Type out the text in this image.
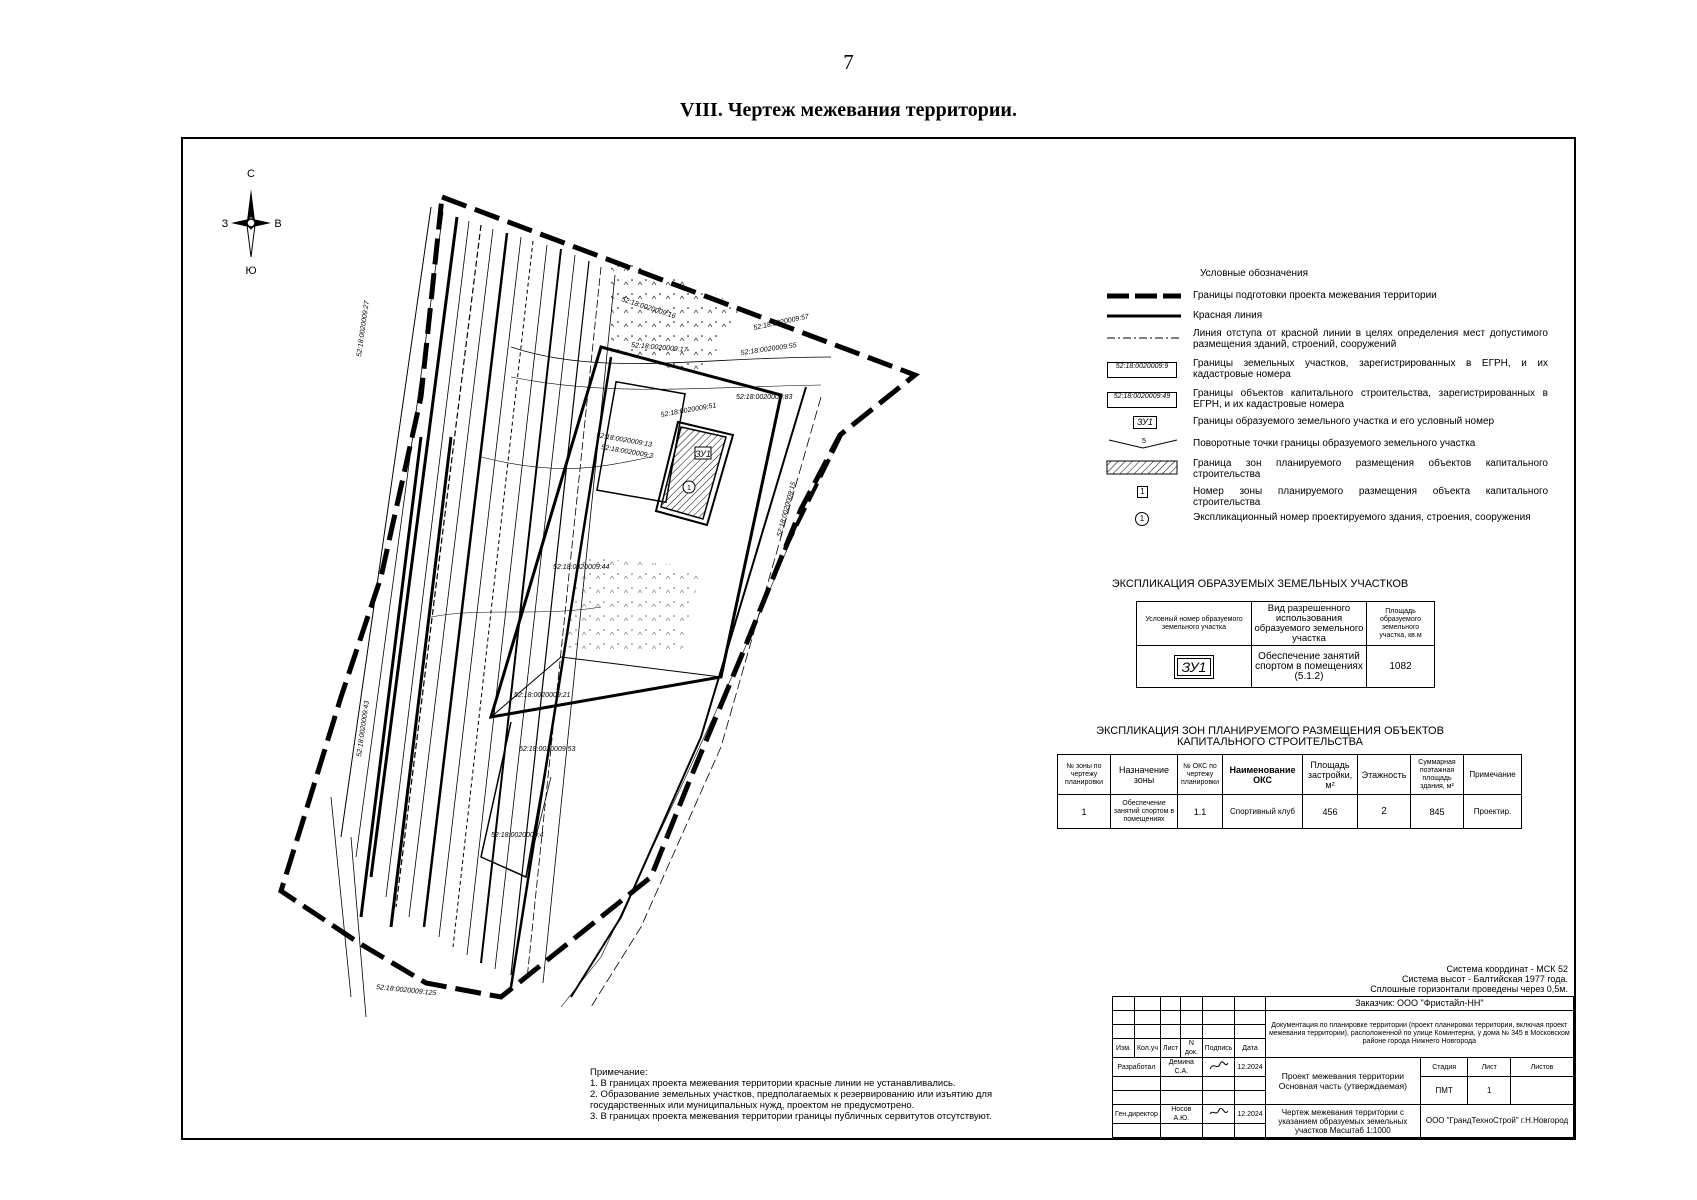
7
VIII. Чертеж межевания территории.
С
Ю
З	В
ЗУ1
1
52:18:0020009:16
52:18:0020009:57
52:18:0020009:17	52:18:0020009:55
52:18:0020009:83
52:18:0020009:51
52:18:0020009:13
52:18:0020009:3
52:18:0020009:15
52:18:0020009:44
52:18:0020009:43
52:18:0020009:21
52:18:0020009:53
52:18:0020009:4
52:18:0020009:27
52:18:0020009:125
Условные обозначения
Границы подготовки проекта межевания территории
Красная линия
Линия отступа от красной линии в целях определения мест допустимого размещения зданий, строений, сооружений
52:18:0020009:9	Границы земельных участков, зарегистрированных в ЕГРН, и их кадастровые номера
52:18:0020009:49	Границы объектов капитального строительства, зарегистрированных в ЕГРН, и их кадастровые номера
ЗУ1	Границы образуемого земельного участка и его условный номер
5	Поворотные точки границы образуемого земельного участка
Граница зон планируемого размещения объектов капитального строительства
1	Номер зоны планируемого размещения объекта капитального строительства
1	Экспликационный номер проектируемого здания, строения, сооружения
ЭКСПЛИКАЦИЯ ОБРАЗУЕМЫХ ЗЕМЕЛЬНЫХ УЧАСТКОВ
Условный номер образуемого земельного участка	Вид разрешенного использования образуемого земельного участка	Площадь образуемого земельного участка, кв.м
ЗУ1	Обеспечение занятий спортом в помещениях (5.1.2)	1082
ЭКСПЛИКАЦИЯ ЗОН ПЛАНИРУЕМОГО РАЗМЕЩЕНИЯ ОБЪЕКТОВ КАПИТАЛЬНОГО СТРОИТЕЛЬСТВА
№ зоны по чертежу планировки	Назначение зоны	№ ОКС по чертежу планировки	Наименование ОКС	Площадь застройки, м²	Этажность	Суммарная поэтажная площадь здания, м²	Примечание
1	Обеспечение занятий спортом в помещениях	1.1	Спортивный клуб	456	2	845	Проектир.
Система координат - МСК 52
Система высот - Балтийская 1977 года.
Сплошные горизонтали проведены через 0,5м.
Примечание:
1. В границах проекта межевания территории красные линии не устанавливались.
2. Образование земельных участков, предполагаемых к резервированию или изъятию для государственных или муниципальных нужд, проектом не предусмотрено.
3. В границах проекта межевания территории границы публичных сервитутов отсутствуют.
						Заказчик: ООО "Фристайл-НН"			
						Документация по планировке территории (проект планировки территории, включая проект межевания территории), расположенной по улице Коминтерна, у дома № 345 в Московском районе города Нижнего Новгорода			

Изм.	Кол.уч	Лист	N док.	Подпись	Дата				
Разработал		Демина С.А.			12.2024	Проект межевания территории Основная часть (утверждаемая)	Стадия	Лист	Листов
							ПМТ	1	

Ген.директор		Носов А.Ю.			12.2024	Чертеж межевания территории с указанием образуемых земельных участков Масштаб 1:1000	ООО "ГрандТехноСтрой" г.Н.Новгород		
